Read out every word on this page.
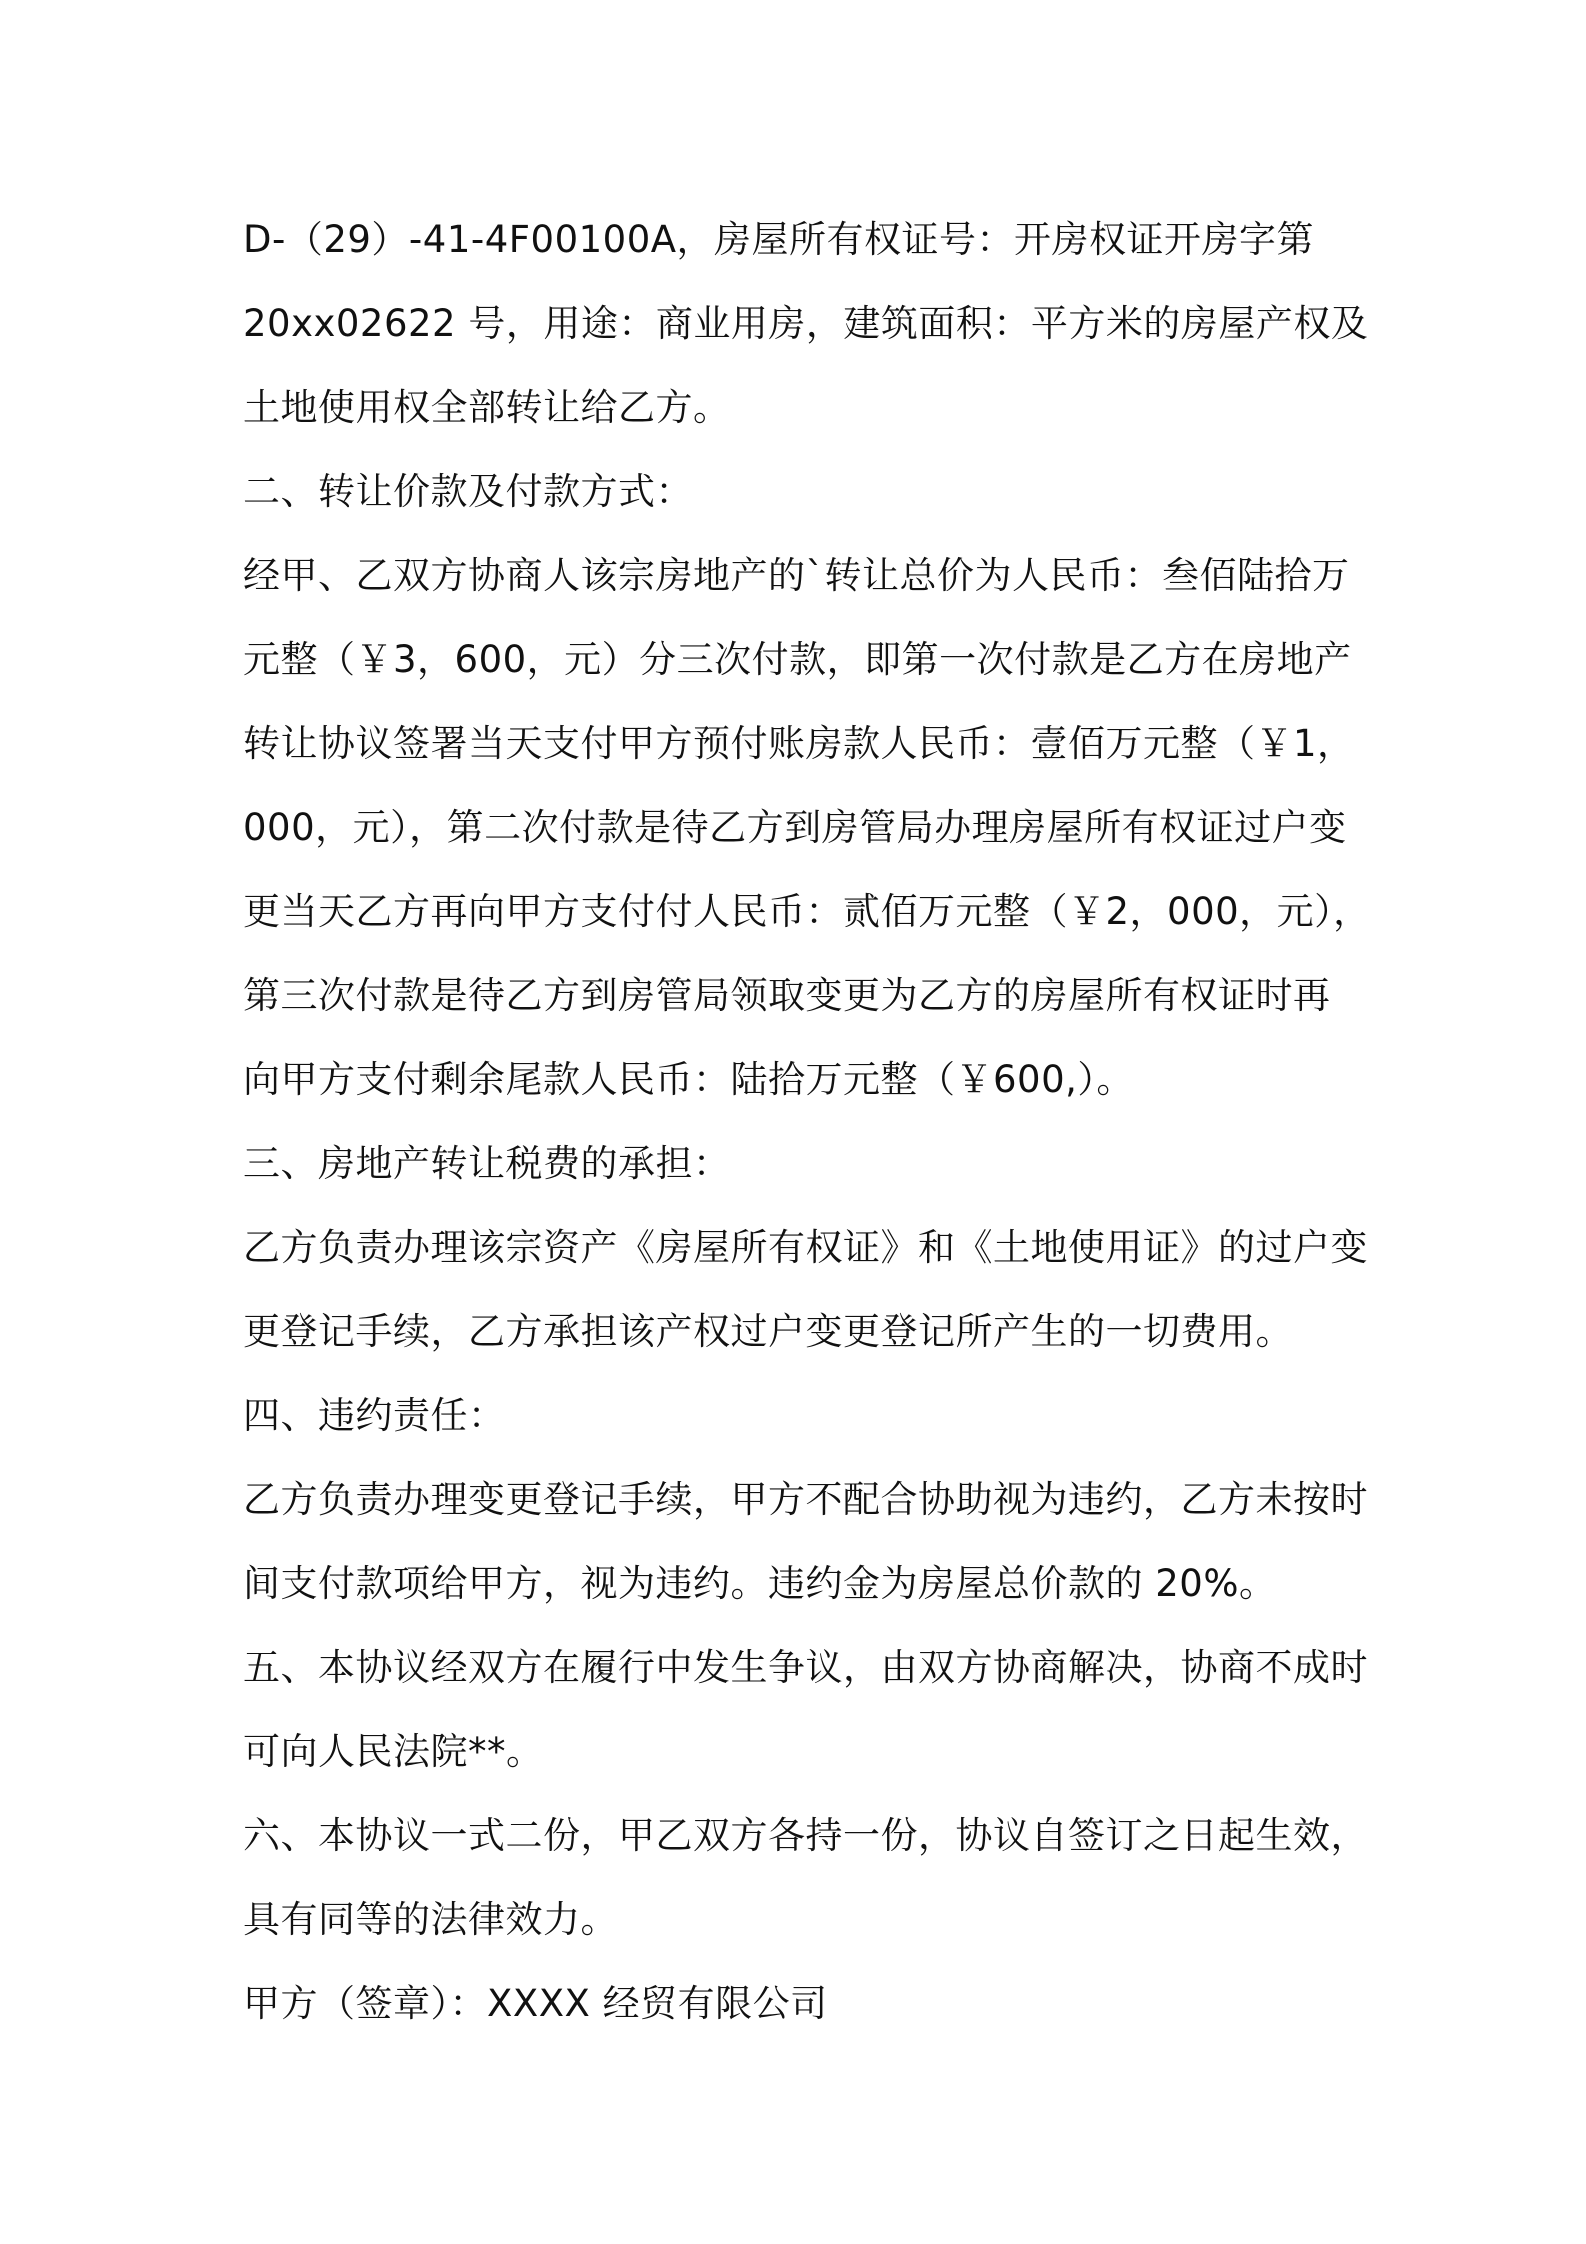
D-（29）-41-4F00100A，房屋所有权证号：开房权证开房字第
20xx02622 号，用途：商业用房，建筑面积：平方米的房屋产权及
土地使用权全部转让给乙方。

二、转让价款及付款方式：

经甲、乙双方协商人该宗房地产的`转让总价为人民币：叁佰陆拾万
元整（￥3，600，元）分三次付款，即第一次付款是乙方在房地产
转让协议签署当天支付甲方预付账房款人民币：壹佰万元整（￥1，
000，元），第二次付款是待乙方到房管局办理房屋所有权证过户变
更当天乙方再向甲方支付付人民币：贰佰万元整（￥2，000，元），
第三次付款是待乙方到房管局领取变更为乙方的房屋所有权证时再
向甲方支付剩余尾款人民币：陆拾万元整（￥600,）。

三、房地产转让税费的承担：

乙方负责办理该宗资产《房屋所有权证》和《土地使用证》的过户变
更登记手续，乙方承担该产权过户变更登记所产生的一切费用。

四、违约责任：

乙方负责办理变更登记手续，甲方不配合协助视为违约，乙方未按时
间支付款项给甲方，视为违约。违约金为房屋总价款的 20%。

五、本协议经双方在履行中发生争议，由双方协商解决，协商不成时
可向人民法院**。

六、本协议一式二份，甲乙双方各持一份，协议自签订之日起生效，
具有同等的法律效力。

甲方（签章）：XXXX 经贸有限公司
